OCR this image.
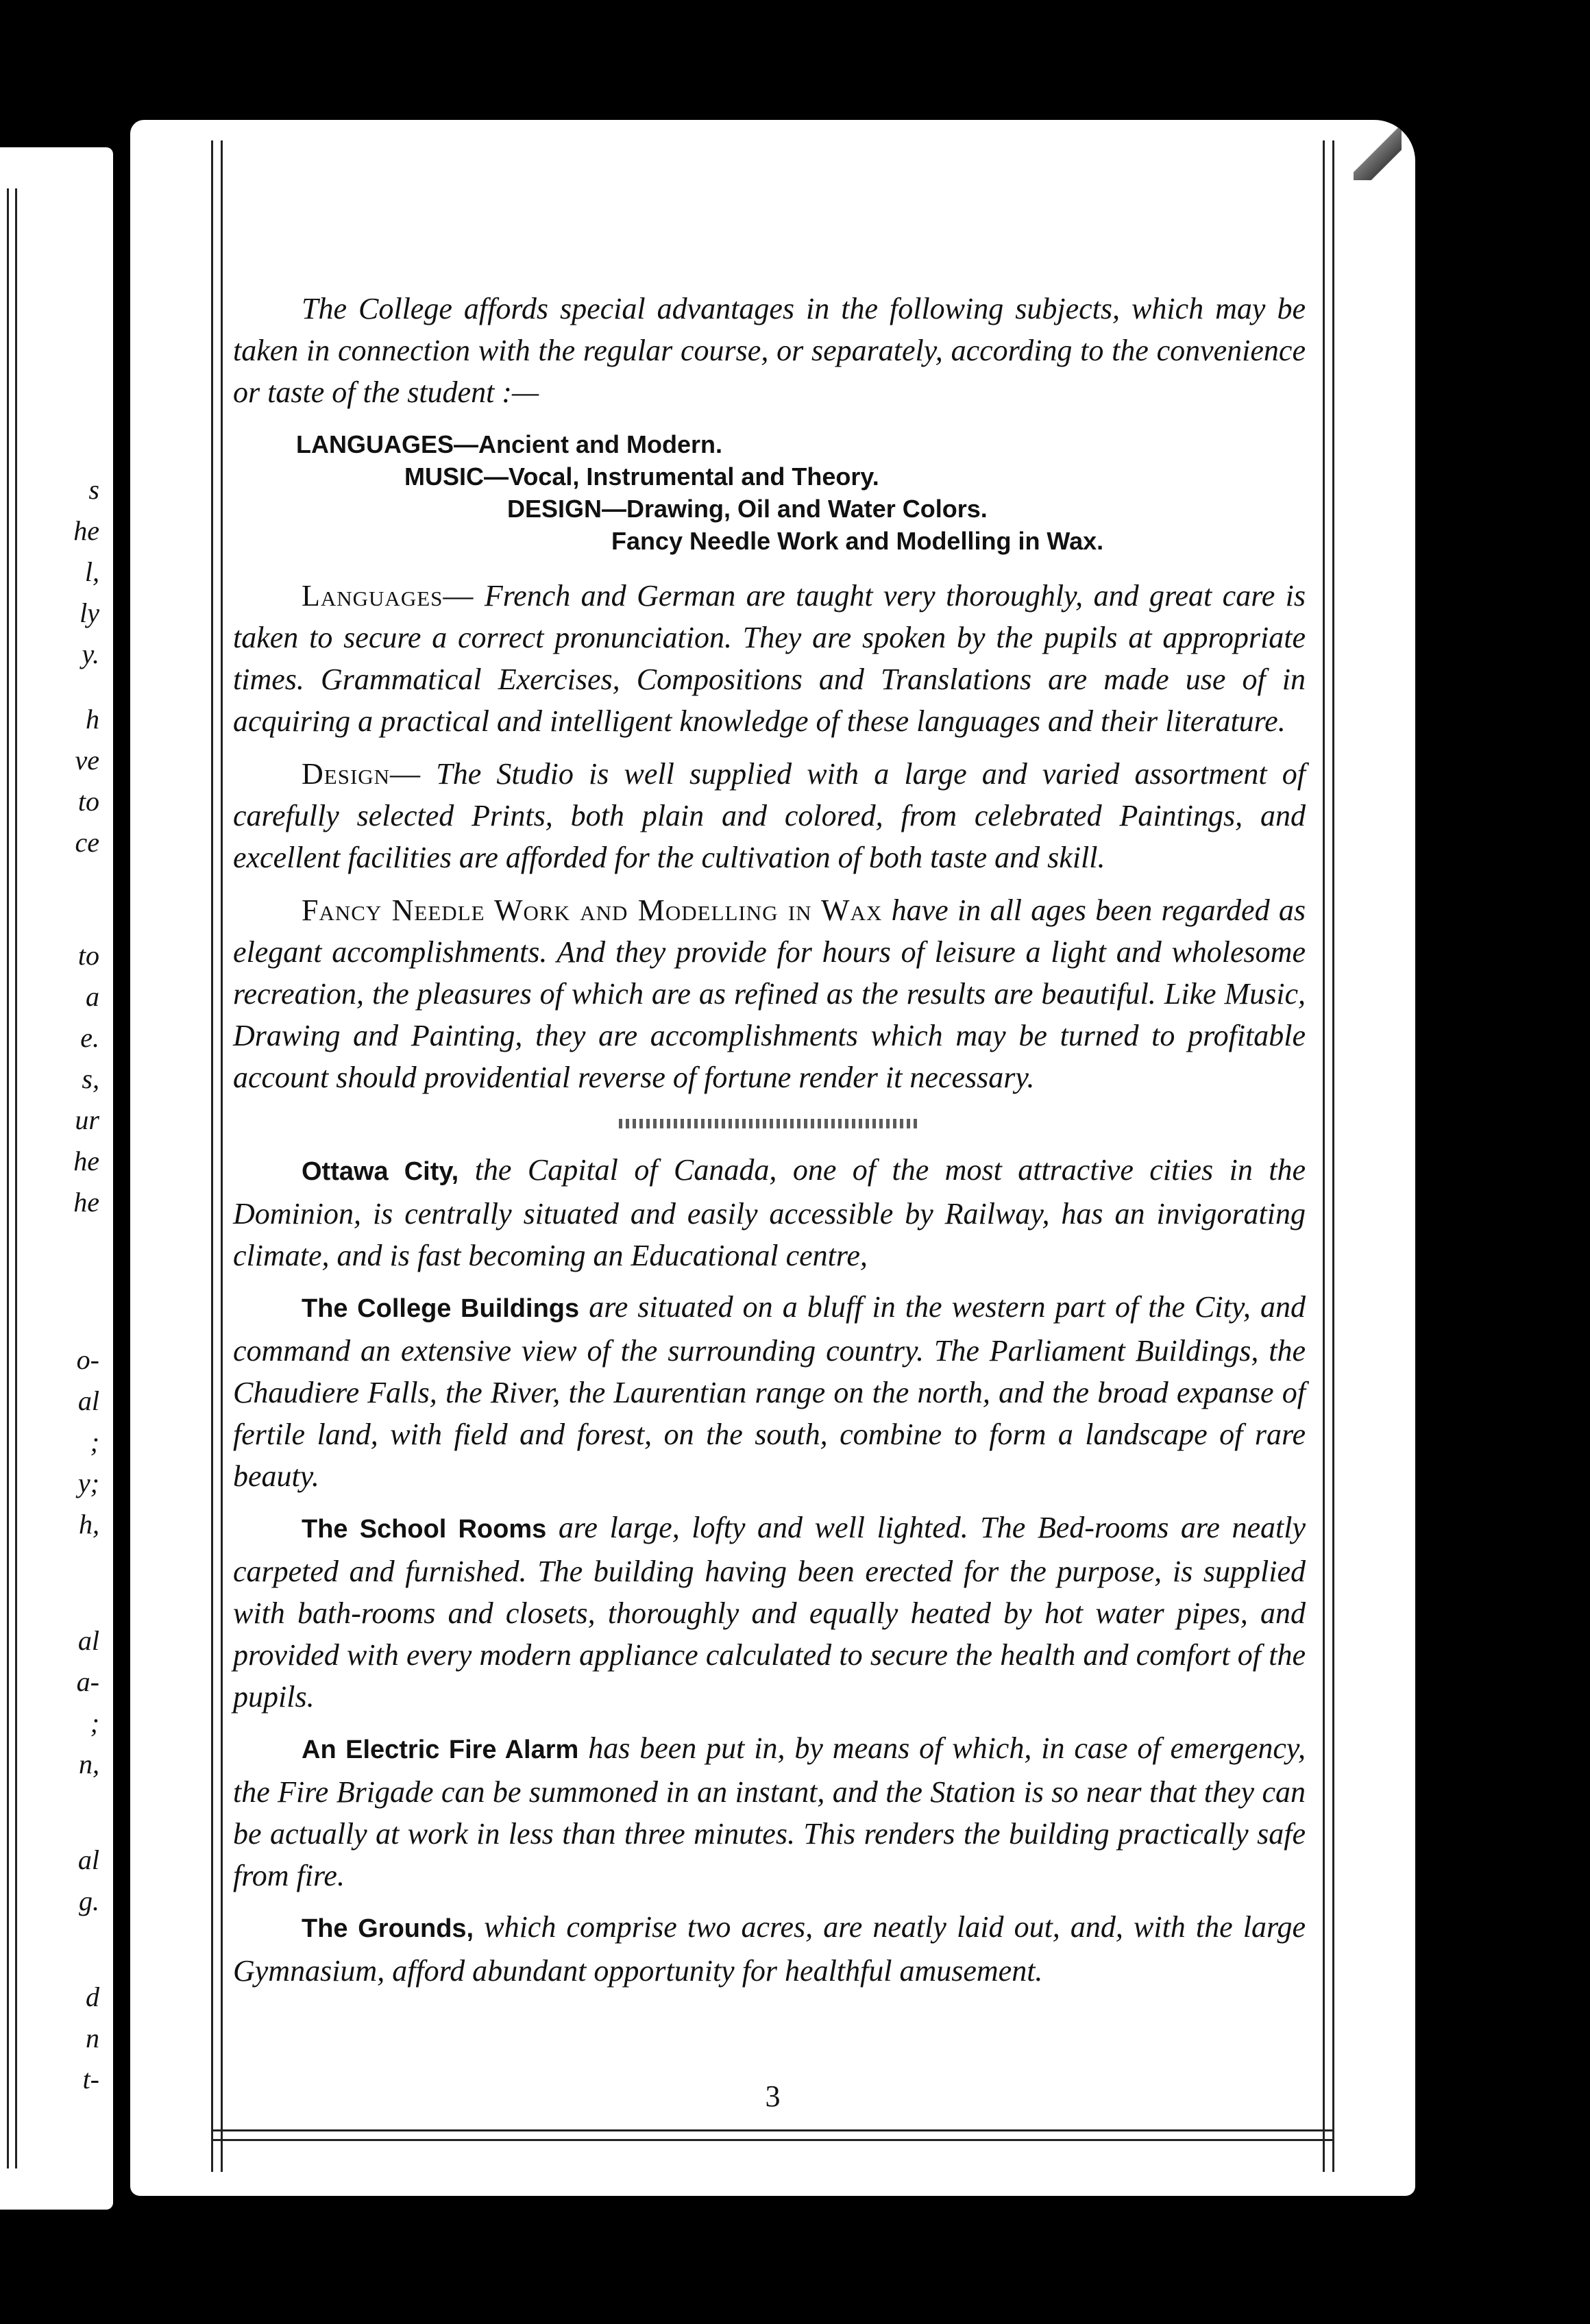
s
he
l,
ly
y.
h
ve
to
ce
to
a
e.
s,
ur
he
he
o-
al
;
y;
h,
al
a-
;
n,
al
g.
d
n
t-

The College affords special advantages in the following subjects, which may be taken in connection with the regular course, or separately, according to the convenience or taste of the student :—

LANGUAGES—Ancient and Modern.

MUSIC—Vocal, Instrumental and Theory.

DESIGN—Drawing, Oil and Water Colors.

Fancy Needle Work and Modelling in Wax.

Languages— French and German are taught very thoroughly, and great care is taken to secure a correct pronunciation. They are spoken by the pupils at appropriate times. Grammatical Exercises, Compositions and Translations are made use of in acquiring a practical and intelligent knowledge of these languages and their literature.

Design— The Studio is well supplied with a large and varied assortment of carefully selected Prints, both plain and colored, from celebrated Paintings, and excellent facilities are afforded for the cultivation of both taste and skill.

Fancy Needle Work and Modelling in Wax have in all ages been regarded as elegant accomplishments. And they provide for hours of leisure a light and wholesome recreation, the pleasures of which are as refined as the results are beautiful. Like Music, Drawing and Painting, they are accomplishments which may be turned to profitable account should providential reverse of fortune render it necessary.

Ottawa City, the Capital of Canada, one of the most attractive cities in the Dominion, is centrally situated and easily accessible by Railway, has an invigorating climate, and is fast becoming an Educational centre,

The College Buildings are situated on a bluff in the western part of the City, and command an extensive view of the surrounding country. The Parliament Buildings, the Chaudiere Falls, the River, the Laurentian range on the north, and the broad expanse of fertile land, with field and forest, on the south, combine to form a landscape of rare beauty.

The School Rooms are large, lofty and well lighted. The Bed-rooms are neatly carpeted and furnished. The building having been erected for the purpose, is supplied with bath-rooms and closets, thoroughly and equally heated by hot water pipes, and provided with every modern appliance calculated to secure the health and comfort of the pupils.

An Electric Fire Alarm has been put in, by means of which, in case of emergency, the Fire Brigade can be summoned in an instant, and the Station is so near that they can be actually at work in less than three minutes. This renders the building practically safe from fire.

The Grounds, which comprise two acres, are neatly laid out, and, with the large Gymnasium, afford abundant opportunity for healthful amusement.

3
